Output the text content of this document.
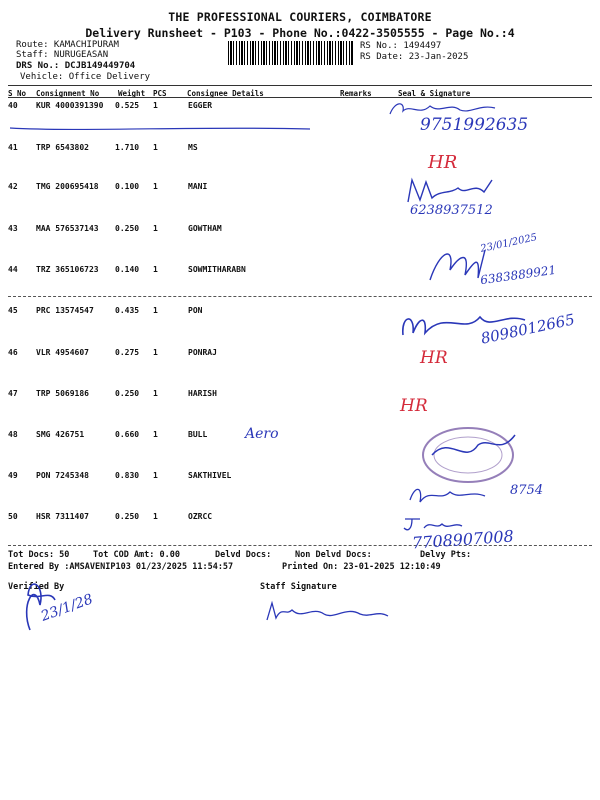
THE PROFESSIONAL COURIERS, COIMBATORE
Delivery Runsheet - P103 - Phone No.:0422-3505555 - Page No.:4
Route: KAMACHIPURAM
Staff: NURUGEASAN
DRS No.: DCJB149449704
Vehicle: Office Delivery
RS No.: 1494497
RS Date: 23-Jan-2025
S No Consignment No	Weight PCS	Consignee Details	Remarks	Seal & Signature
40 KUR 4000391390 0.525 1	EGGER
41 TRP 6543802	1.710 1	MS
42 TMG 200695418 0.100 1	MANI
43 MAA 576537143 0.250 1	GOWTHAM
44 TRZ 365106723 0.140 1	SOWMITHARABN
45 PRC 13574547	0.435 1	PON
46 VLR 4954607	0.275 1	PONRAJ
47 TRP 5069186	0.250 1	HARISH
48 SMG 426751	0.660 1	BULL
49 PON 7245348	0.830 1	SAKTHIVEL
50 HSR 7311407	0.250 1	OZRCC
9751992635
HR
6238937512
23/01/2025
6383889921
8098012665
HR
HR
Aero
8754
7708907008
Tot Docs: 50	Tot COD Amt: 0.00	Delvd Docs:	Non Delvd Docs:	Delvy Pts:
Entered By :AMSAVENIP103 01/23/2025 11:54:57	Printed On: 23-01-2025 12:10:49
Verified By	Staff Signature
23/1/28
